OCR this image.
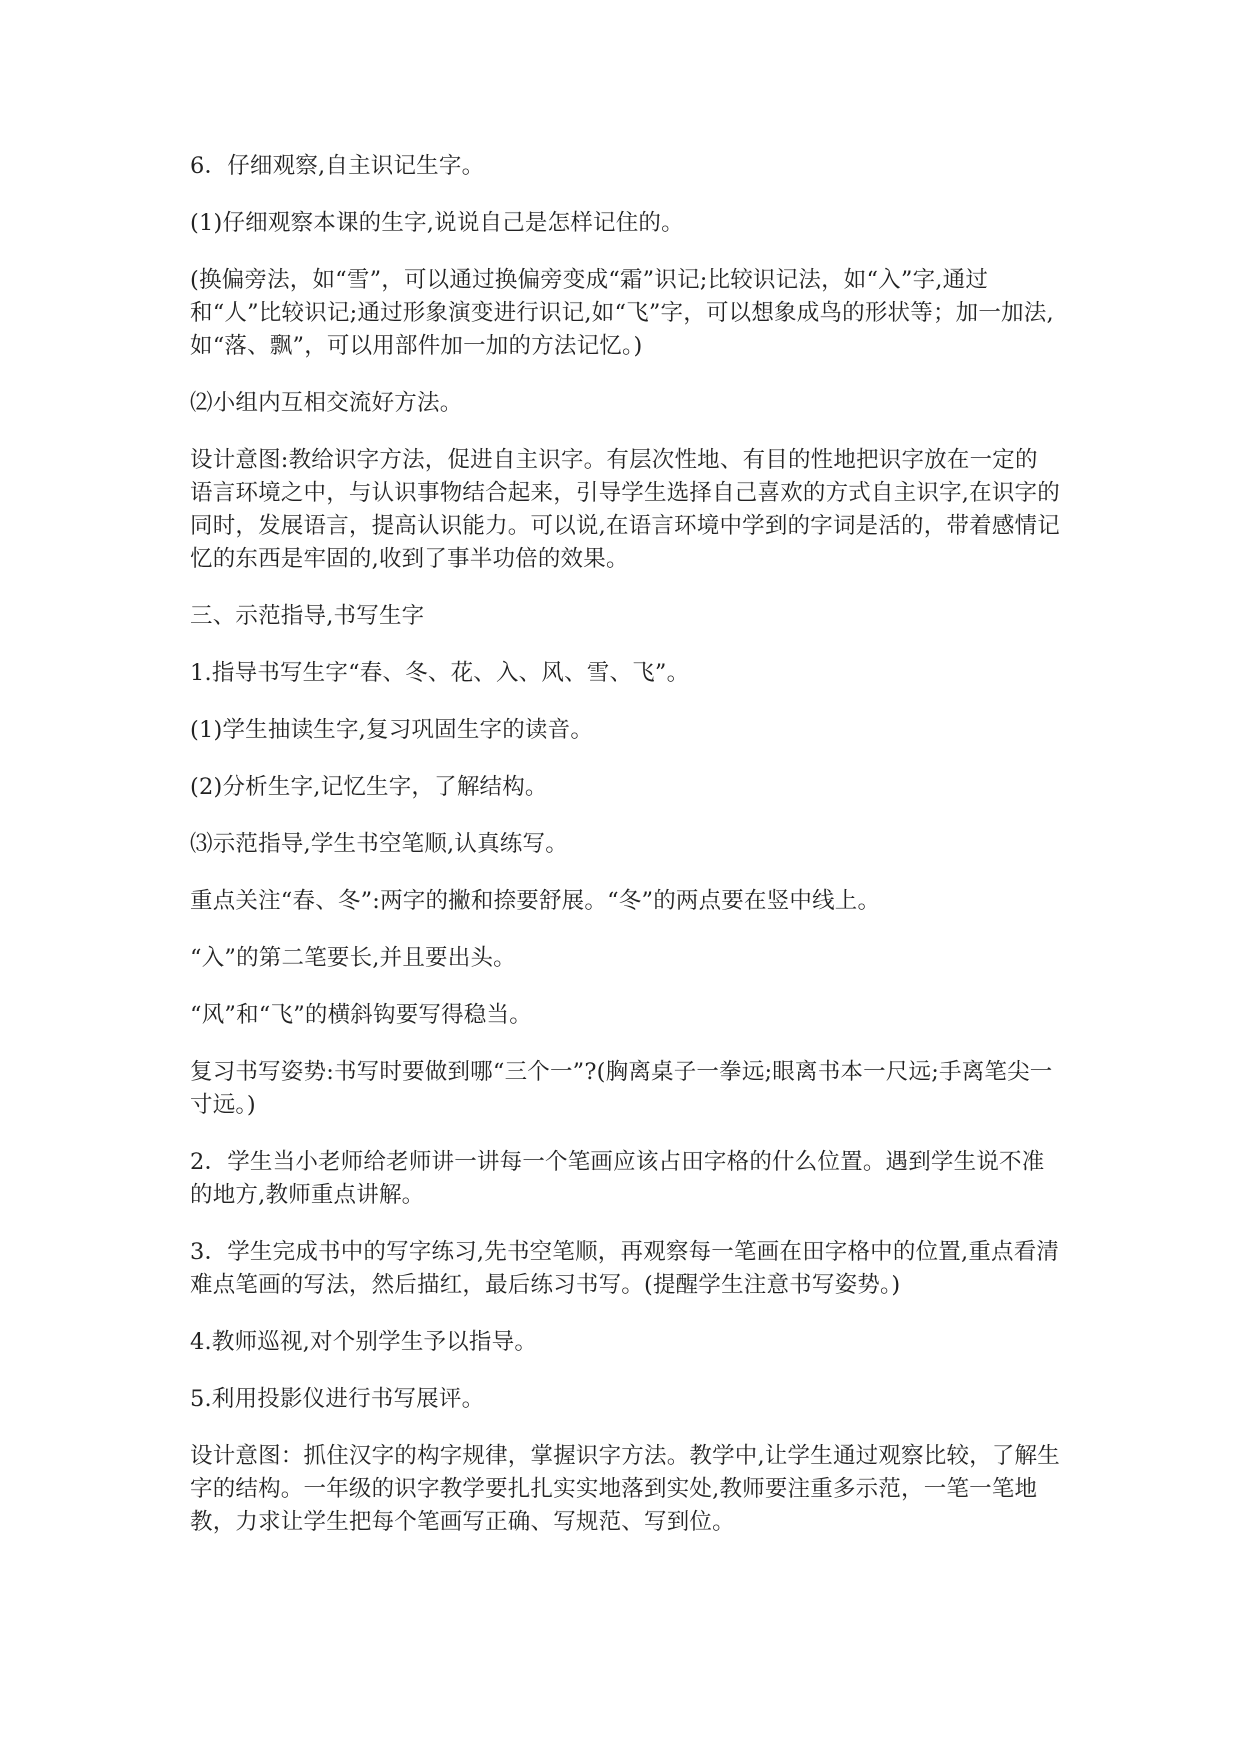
6．仔细观察,自主识记生字。

(1)仔细观察本课的生字,说说自己是怎样记住的。

(换偏旁法，如“雪”，可以通过换偏旁变成“霜”识记;比较识记法，如“入”字,通过和“人”比较识记;通过形象演变进行识记,如“飞”字，可以想象成鸟的形状等；加一加法,如“落、飘”，可以用部件加一加的方法记忆。)

⑵小组内互相交流好方法。

设计意图:教给识字方法，促进自主识字。有层次性地、有目的性地把识字放在一定的语言环境之中，与认识事物结合起来，引导学生选择自己喜欢的方式自主识字,在识字的同时，发展语言，提高认识能力。可以说,在语言环境中学到的字词是活的，带着感情记忆的东西是牢固的,收到了事半功倍的效果。

三、示范指导,书写生字

1.指导书写生字“春、冬、花、入、风、雪、飞”。

(1)学生抽读生字,复习巩固生字的读音。

(2)分析生字,记忆生字，了解结构。

⑶示范指导,学生书空笔顺,认真练写。

重点关注“春、冬”:两字的撇和捺要舒展。“冬”的两点要在竖中线上。

“入”的第二笔要长,并且要出头。

“风”和“飞”的横斜钩要写得稳当。

复习书写姿势:书写时要做到哪“三个一”?(胸离桌子一拳远;眼离书本一尺远;手离笔尖一寸远。)

2．学生当小老师给老师讲一讲每一个笔画应该占田字格的什么位置。遇到学生说不准的地方,教师重点讲解。

3．学生完成书中的写字练习,先书空笔顺，再观察每一笔画在田字格中的位置,重点看清难点笔画的写法，然后描红，最后练习书写。(提醒学生注意书写姿势。)

4.教师巡视,对个别学生予以指导。

5.利用投影仪进行书写展评。

设计意图：抓住汉字的构字规律，掌握识字方法。教学中,让学生通过观察比较，了解生字的结构。一年级的识字教学要扎扎实实地落到实处,教师要注重多示范，一笔一笔地教，力求让学生把每个笔画写正确、写规范、写到位。
